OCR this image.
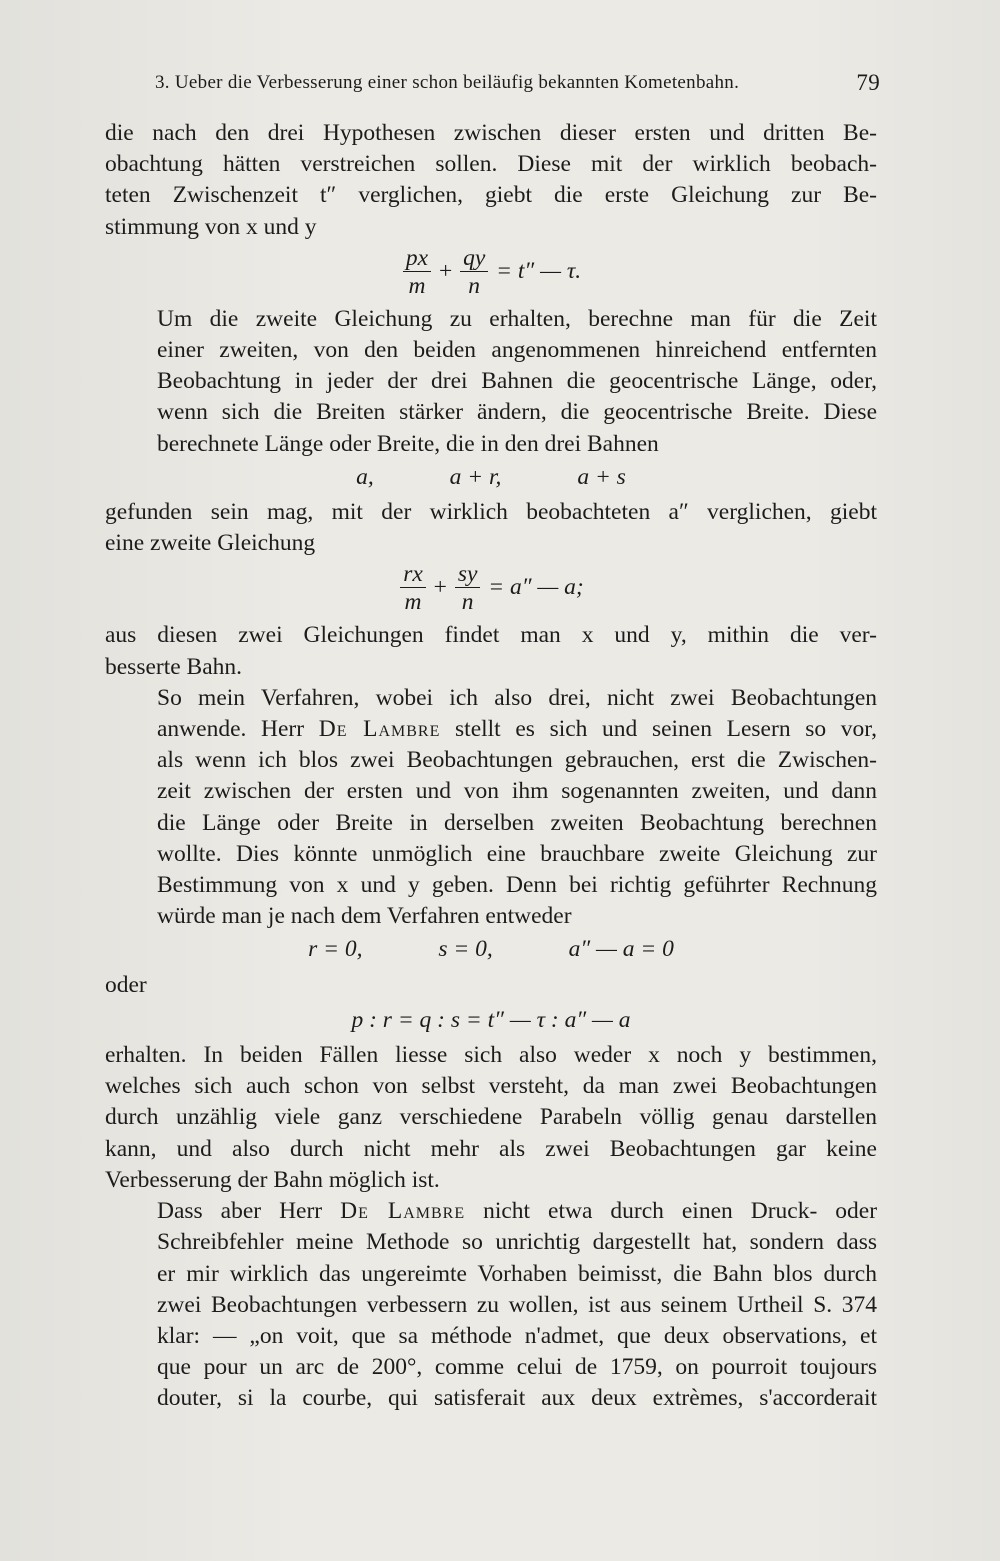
3. Ueber die Verbesserung einer schon beiläufig bekannten Kometenbahn.	79

die nach den drei Hypothesen zwischen dieser ersten und dritten Be-
obachtung hätten verstreichen sollen. Diese mit der wirklich beobach-
teten Zwischenzeit t″ verglichen, giebt die erste Gleichung zur Be-
stimmung von x und y

$\frac{px}{m} + \frac{qy}{n} = t''$ — τ.

Um die zweite Gleichung zu erhalten, berechne man für die Zeit
einer zweiten, von den beiden angenommenen hinreichend entfernten
Beobachtung in jeder der drei Bahnen die geocentrische Länge, oder,
wenn sich die Breiten stärker ändern, die geocentrische Breite. Diese
berechnete Länge oder Breite, die in den drei Bahnen

a,	a + r,	a + s

gefunden sein mag, mit der wirklich beobachteten a″ verglichen, giebt
eine zweite Gleichung

$\frac{rx}{m} + \frac{sy}{n} = a''$ — a;

aus diesen zwei Gleichungen findet man x und y, mithin die ver-
besserte Bahn.

So mein Verfahren, wobei ich also drei, nicht zwei Beobachtungen
anwende. Herr De Lambre stellt es sich und seinen Lesern so vor,
als wenn ich blos zwei Beobachtungen gebrauchen, erst die Zwischen-
zeit zwischen der ersten und von ihm sogenannten zweiten, und dann
die Länge oder Breite in derselben zweiten Beobachtung berechnen
wollte. Dies könnte unmöglich eine brauchbare zweite Gleichung zur
Bestimmung von x und y geben. Denn bei richtig geführter Rechnung
würde man je nach dem Verfahren entweder

r = 0,	s = 0,	a″ — a = 0
oder
p : r = q : s = t″ — τ : a″ — a

erhalten. In beiden Fällen liesse sich also weder x noch y bestimmen,
welches sich auch schon von selbst versteht, da man zwei Beobachtungen
durch unzählig viele ganz verschiedene Parabeln völlig genau darstellen
kann, und also durch nicht mehr als zwei Beobachtungen gar keine
Verbesserung der Bahn möglich ist.

Dass aber Herr De Lambre nicht etwa durch einen Druck- oder
Schreibfehler meine Methode so unrichtig dargestellt hat, sondern dass
er mir wirklich das ungereimte Vorhaben beimisst, die Bahn blos durch
zwei Beobachtungen verbessern zu wollen, ist aus seinem Urtheil S. 374
klar: — „on voit, que sa méthode n'admet, que deux observations, et
que pour un arc de 200°, comme celui de 1759, on pourroit toujours
douter, si la courbe, qui satisferait aux deux extrèmes, s'accorderait
